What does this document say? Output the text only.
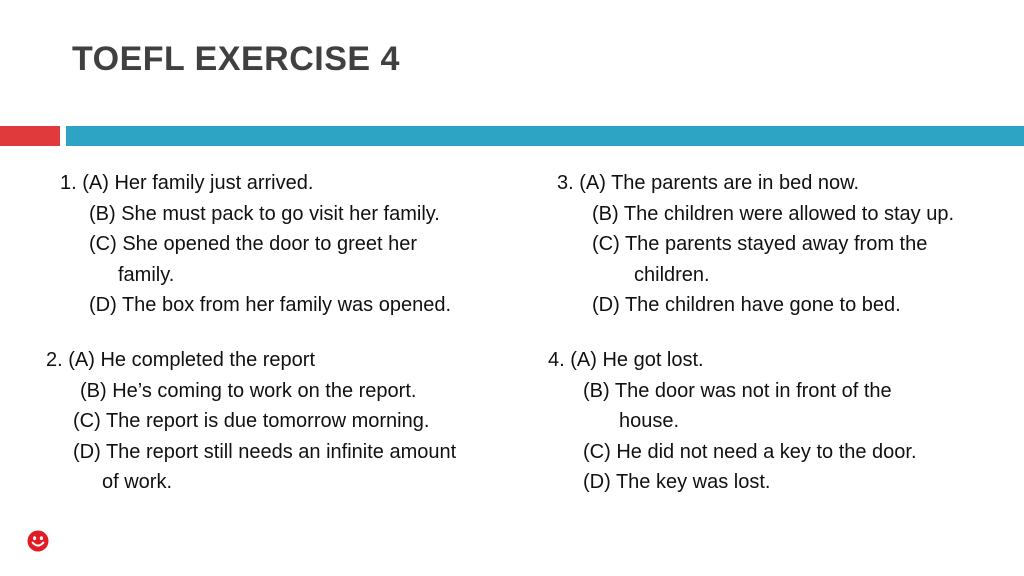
TOEFL EXERCISE 4
1. (A) Her family just arrived.
(B) She must pack to go visit her family.
(C) She opened the door to greet her
family.
(D) The box from her family was opened.
2. (A) He completed the report
(B) He’s coming to work on the report.
(C) The report is due tomorrow morning.
(D) The report still needs an infinite amount
of work.
3. (A) The parents are in bed now.
(B) The children were allowed to stay up.
(C) The parents stayed away from the
children.
(D) The children have gone to bed.
4. (A) He got lost.
(B) The door was not in front of the
house.
(C) He did not need a key to the door.
(D) The key was lost.
